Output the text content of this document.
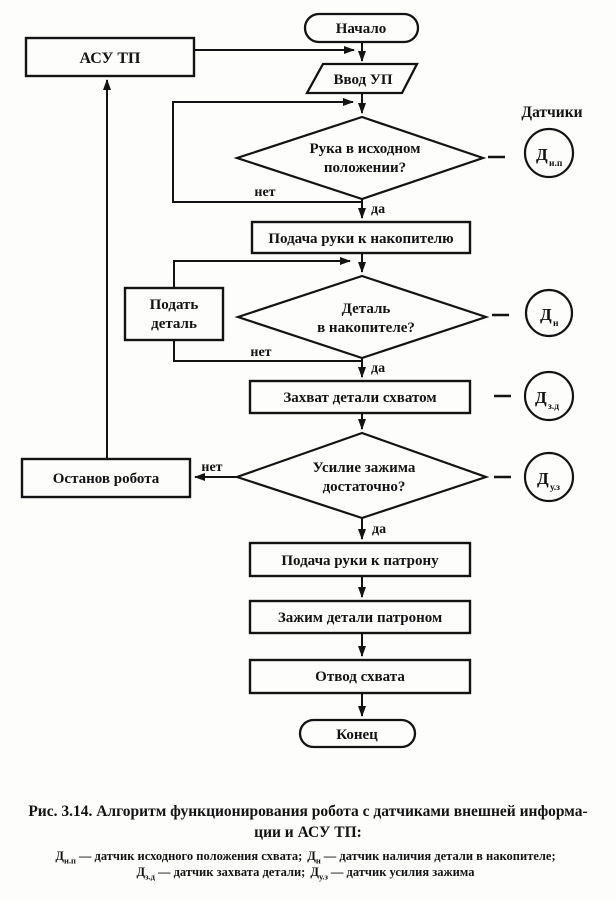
Начало
АСУ ТП
Ввод УП
Рука в исходном
положении?
Подача руки к накопителю
Деталь
в накопителе?
Подать
деталь
Захват детали схватом
Усилие зажима
достаточно?
Останов робота
Подача руки к патрону
Зажим детали патроном
Отвод схвата
Конец
нет
да
нет
да
нет
да
Датчики
Д и.п
Д н
Д з.д
Д у.з
Рис. 3.14. Алгоритм функционирования робота с датчиками внешней информа-
ции и АСУ ТП:
$Д_{и.п}$ — датчик исходного положения схвата; $Д_н$ — датчик наличия детали в накопителе;
$Д_{з.д}$ — датчик захвата детали; $Д_{у.з}$ — датчик усилия зажима
